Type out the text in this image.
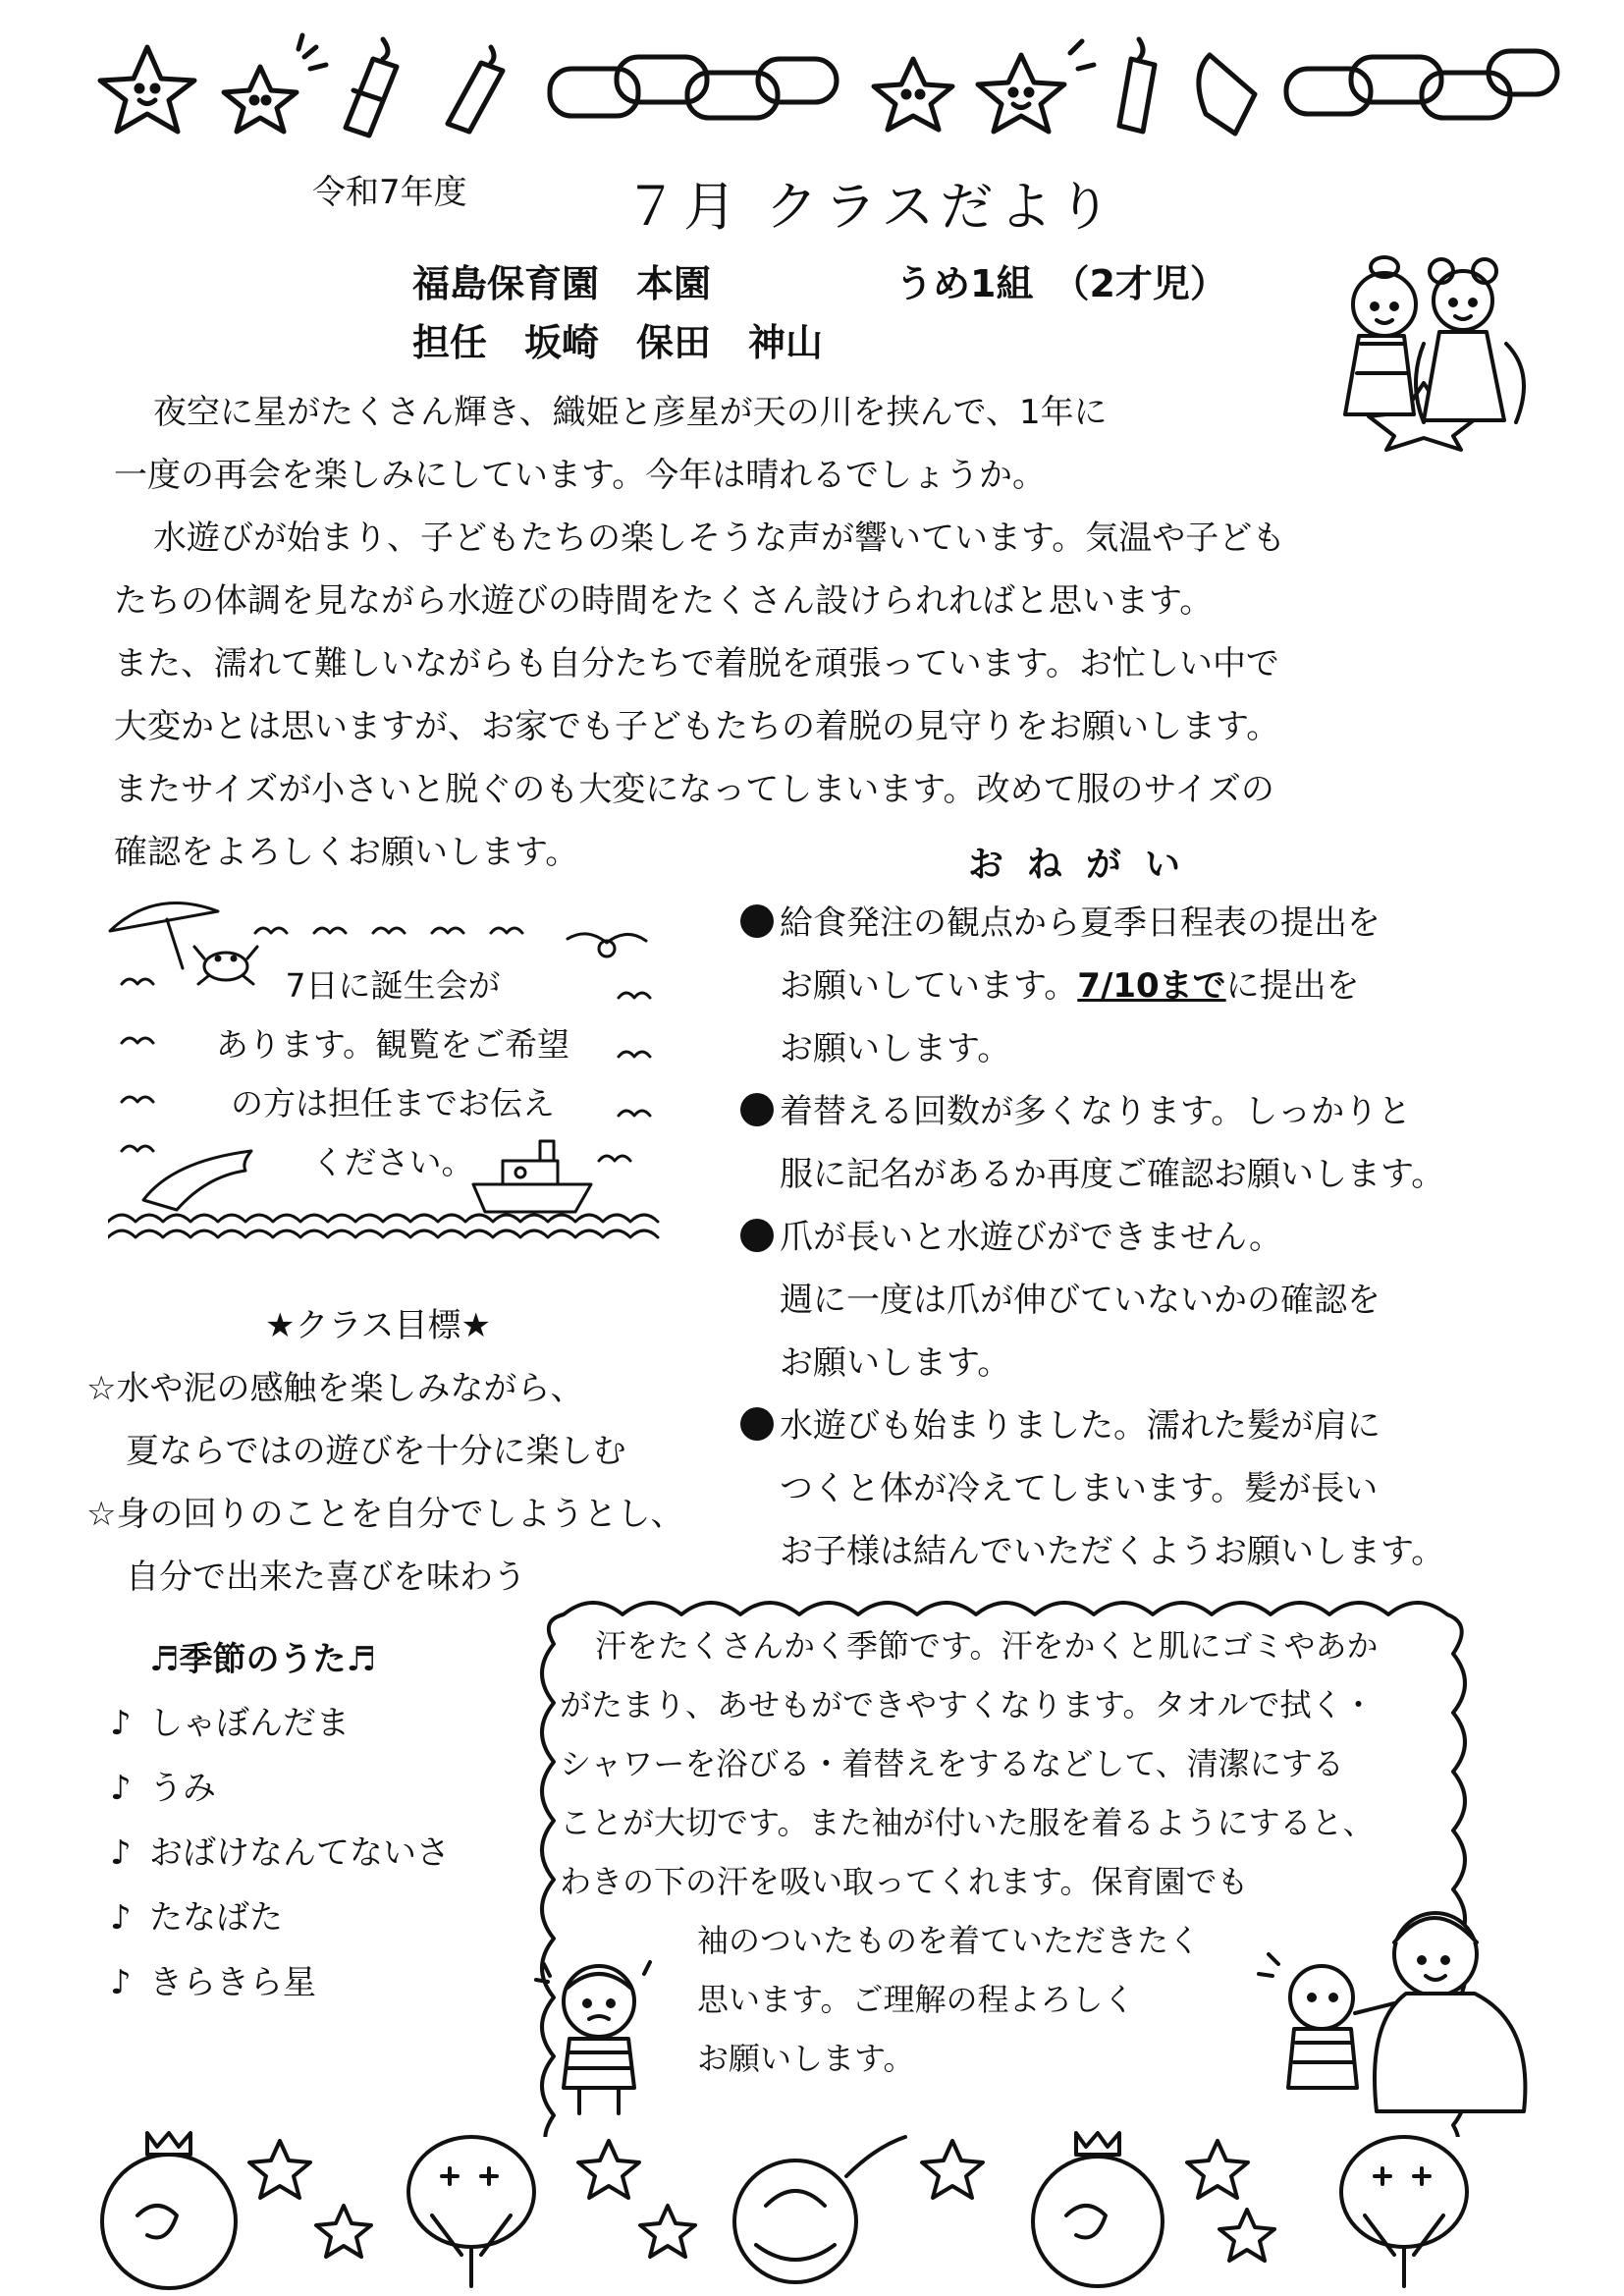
令和7年度	７月 クラスだより
福島保育園　本園	うめ1組　（2才児）
担任　坂崎　保田　神山

夜空に星がたくさん輝き、織姫と彦星が天の川を挟んで、1年に

一度の再会を楽しみにしています。今年は晴れるでしょうか。

水遊びが始まり、子どもたちの楽しそうな声が響いています。気温や子ども

たちの体調を見ながら水遊びの時間をたくさん設けられればと思います。

また、濡れて難しいながらも自分たちで着脱を頑張っています。お忙しい中で

大変かとは思いますが、お家でも子どもたちの着脱の見守りをお願いします。

またサイズが小さいと脱ぐのも大変になってしまいます。改めて服のサイズの

確認をよろしくお願いします。

7日に誕生会が

あります。観覧をご希望

の方は担任までお伝え

ください。

おねがい

給食発注の観点から夏季日程表の提出を

お願いしています。7/10までに提出を

お願いします。

着替える回数が多くなります。しっかりと

服に記名があるか再度ご確認お願いします。

爪が長いと水遊びができません。

週に一度は爪が伸びていないかの確認を

お願いします。

水遊びも始まりました。濡れた髪が肩に

つくと体が冷えてしまいます。髪が長い

お子様は結んでいただくようお願いします。

★クラス目標★

☆水や泥の感触を楽しみながら、

夏ならではの遊びを十分に楽しむ

☆身の回りのことを自分でしようとし、

自分で出来た喜びを味わう

♬季節のうた♬
♪ しゃぼんだま
♪ うみ
♪ おばけなんてないさ
♪ たなばた
♪ きらきら星

汗をたくさんかく季節です。汗をかくと肌にゴミやあか

がたまり、あせもができやすくなります。タオルで拭く・

シャワーを浴びる・着替えをするなどして、清潔にする

ことが大切です。また袖が付いた服を着るようにすると、

わきの下の汗を吸い取ってくれます。保育園でも

袖のついたものを着ていただきたく

思います。ご理解の程よろしく

お願いします。
